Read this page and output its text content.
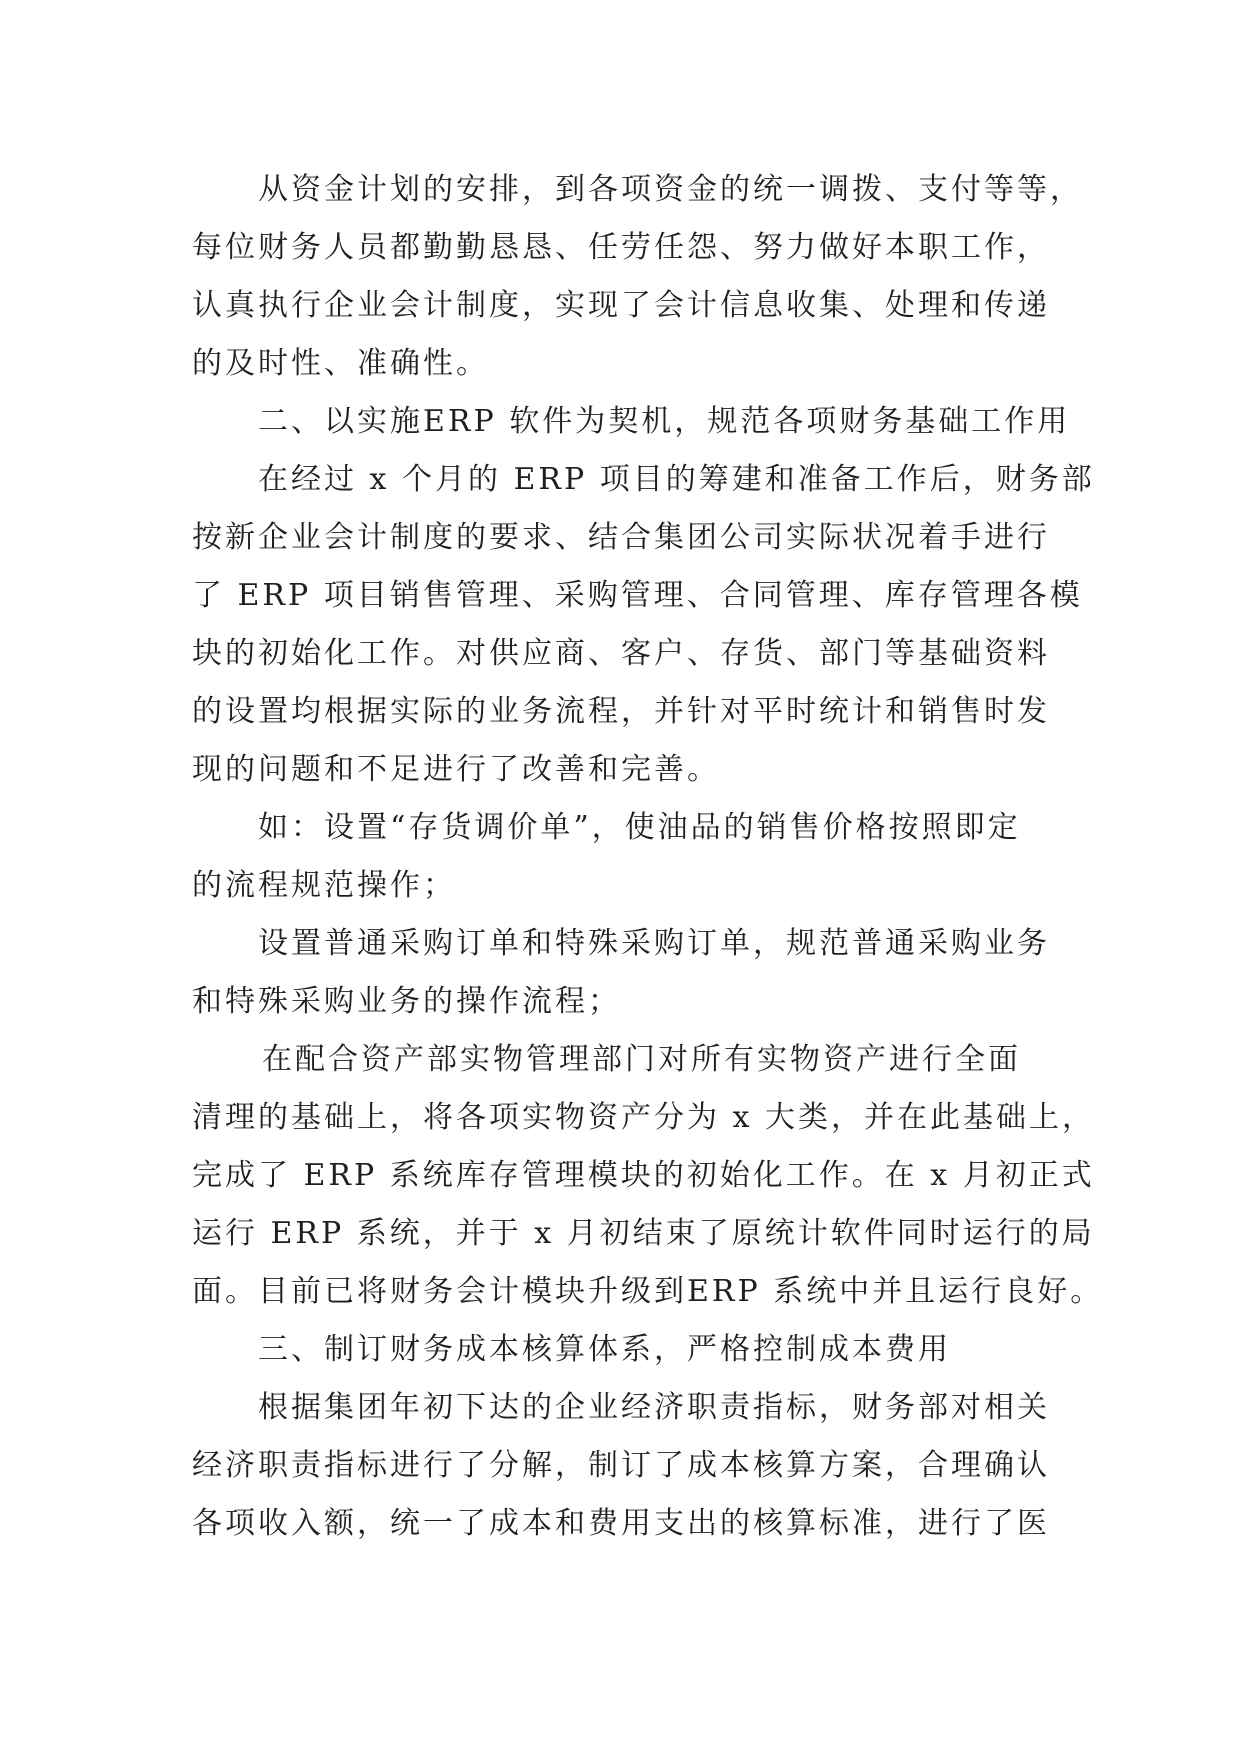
从资金计划的安排，到各项资金的统一调拨、支付等等，
每位财务人员都勤勤恳恳、任劳任怨、努力做好本职工作，
认真执行企业会计制度，实现了会计信息收集、处理和传递
的及时性、准确性。
二、以实施ERP 软件为契机，规范各项财务基础工作用
在经过 x 个月的 ERP 项目的筹建和准备工作后，财务部
按新企业会计制度的要求、结合集团公司实际状况着手进行
了 ERP 项目销售管理、采购管理、合同管理、库存管理各模
块的初始化工作。对供应商、客户、存货、部门等基础资料
的设置均根据实际的业务流程，并针对平时统计和销售时发
现的问题和不足进行了改善和完善。
如：设置“存货调价单”，使油品的销售价格按照即定
的流程规范操作；
设置普通采购订单和特殊采购订单，规范普通采购业务
和特殊采购业务的操作流程；
在配合资产部实物管理部门对所有实物资产进行全面
清理的基础上，将各项实物资产分为 x 大类，并在此基础上，
完成了 ERP 系统库存管理模块的初始化工作。在 x 月初正式
运行 ERP 系统，并于 x 月初结束了原统计软件同时运行的局
面。目前已将财务会计模块升级到ERP 系统中并且运行良好。
三、制订财务成本核算体系，严格控制成本费用
根据集团年初下达的企业经济职责指标，财务部对相关
经济职责指标进行了分解，制订了成本核算方案，合理确认
各项收入额，统一了成本和费用支出的核算标准，进行了医
